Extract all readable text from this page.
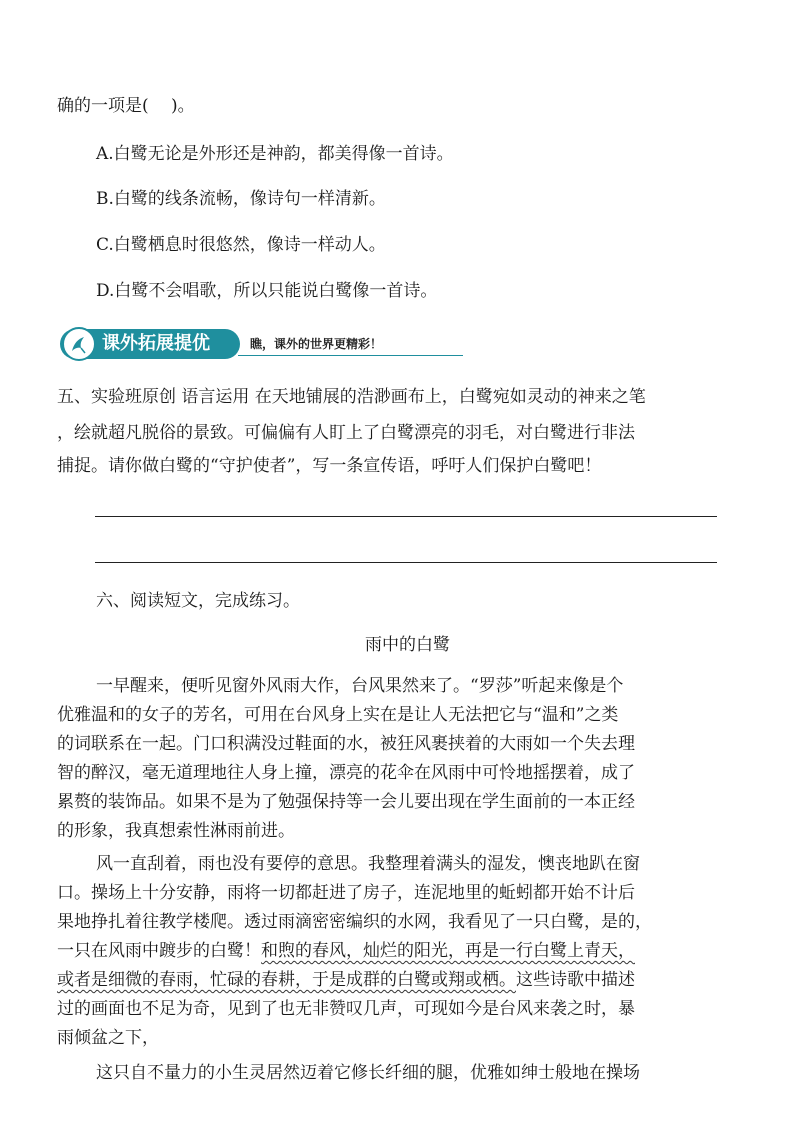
确的一项是(　 )。
A.白鹭无论是外形还是神韵，都美得像一首诗。
B.白鹭的线条流畅，像诗句一样清新。
C.白鹭栖息时很悠然，像诗一样动人。
D.白鹭不会唱歌，所以只能说白鹭像一首诗。
课外拓展提优	瞧，课外的世界更精彩！
五、实验班原创 语言运用 在天地铺展的浩渺画布上，白鹭宛如灵动的神来之笔
，绘就超凡脱俗的景致。可偏偏有人盯上了白鹭漂亮的羽毛，对白鹭进行非法
捕捉。请你做白鹭的“守护使者”，写一条宣传语，呼吁人们保护白鹭吧！
六、阅读短文，完成练习。
雨中的白鹭
一早醒来，便听见窗外风雨大作，台风果然来了。“罗莎”听起来像是个
优雅温和的女子的芳名，可用在台风身上实在是让人无法把它与“温和”之类
的词联系在一起。门口积满没过鞋面的水，被狂风裹挟着的大雨如一个失去理
智的醉汉，毫无道理地往人身上撞，漂亮的花伞在风雨中可怜地摇摆着，成了
累赘的装饰品。如果不是为了勉强保持等一会儿要出现在学生面前的一本正经
的形象，我真想索性淋雨前进。
风一直刮着，雨也没有要停的意思。我整理着满头的湿发，懊丧地趴在窗
口。操场上十分安静，雨将一切都赶进了房子，连泥地里的蚯蚓都开始不计后
果地挣扎着往教学楼爬。透过雨滴密密编织的水网，我看见了一只白鹭，是的，
一只在风雨中踱步的白鹭！和煦的春风，灿烂的阳光，再是一行白鹭上青天，
或者是细微的春雨，忙碌的春耕，于是成群的白鹭或翔或栖。这些诗歌中描述
过的画面也不足为奇，见到了也无非赞叹几声，可现如今是台风来袭之时，暴
雨倾盆之下，
这只自不量力的小生灵居然迈着它修长纤细的腿，优雅如绅士般地在操场
